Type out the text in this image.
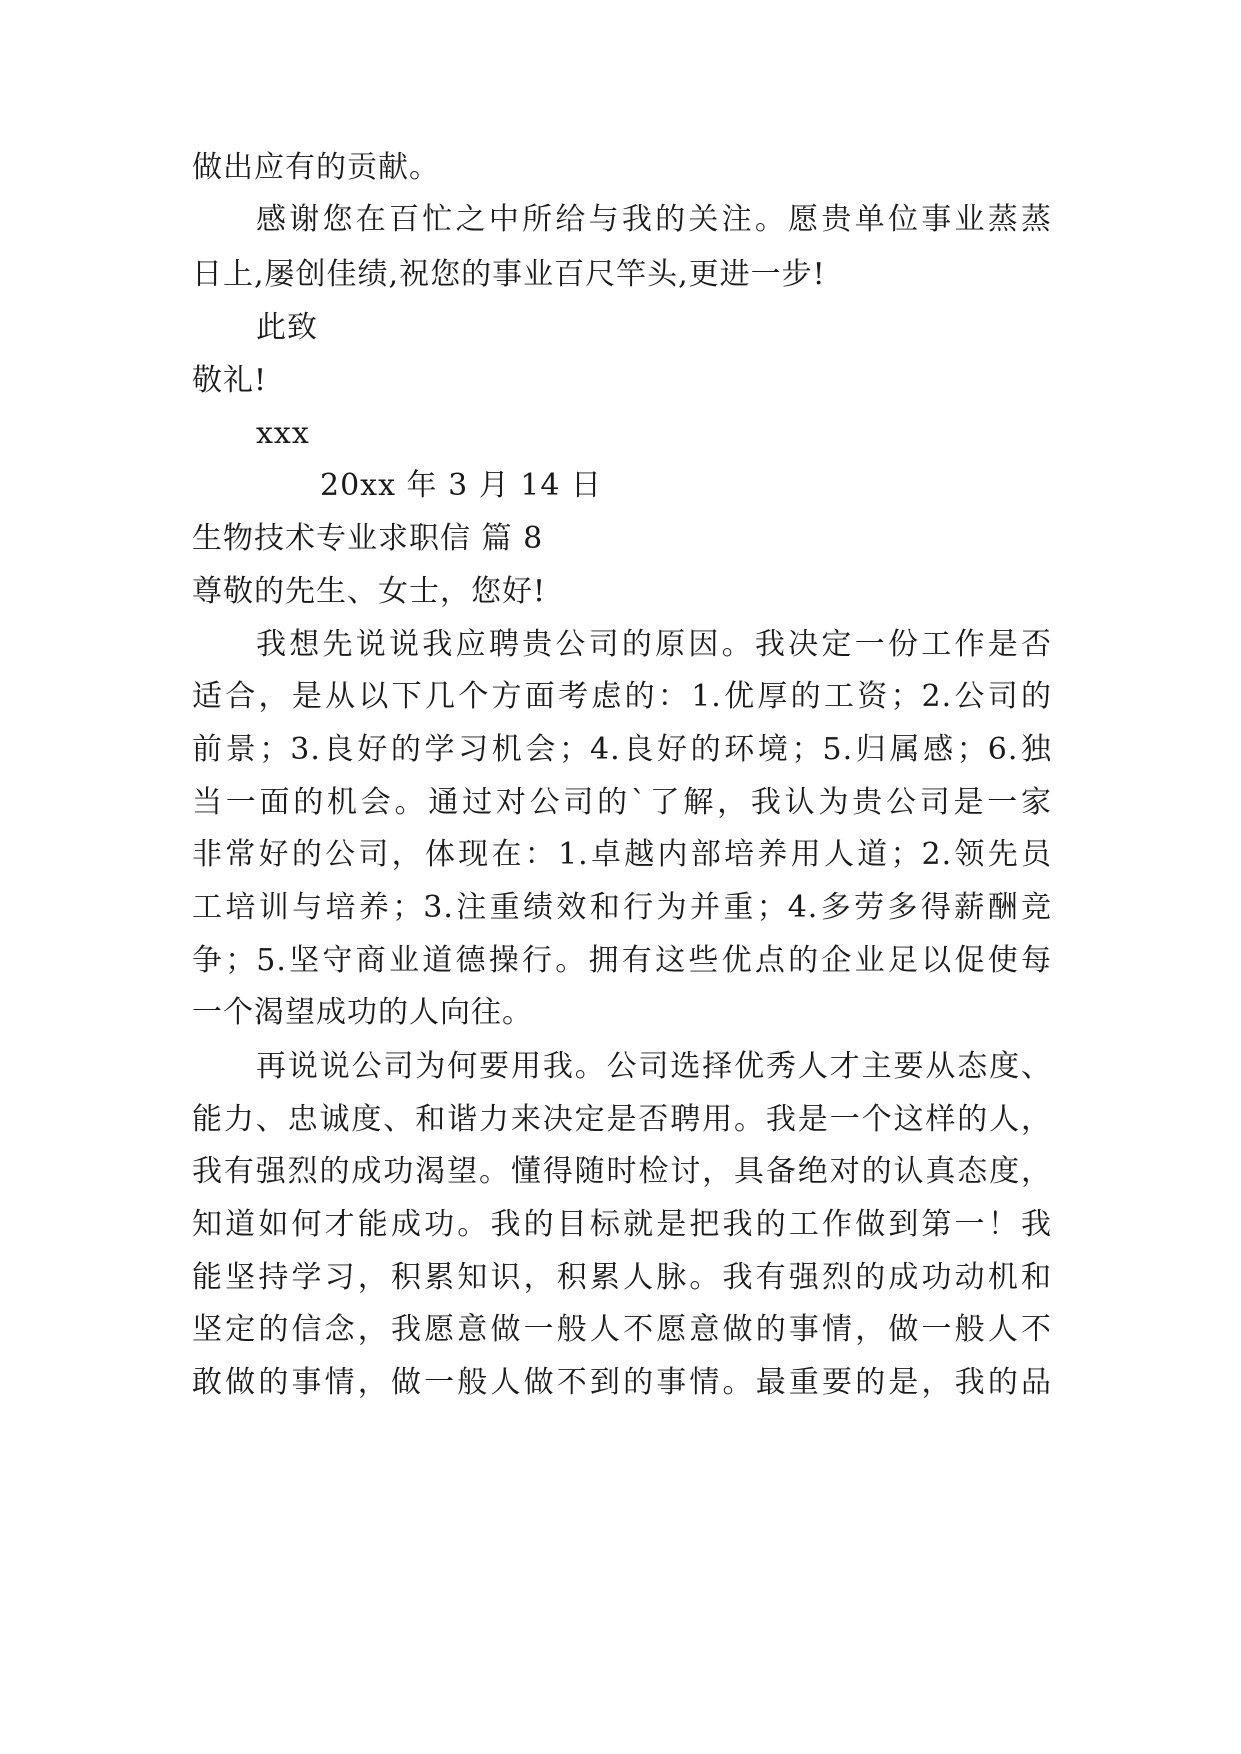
做出应有的贡献。
感谢您在百忙之中所给与我的关注。愿贵单位事业蒸蒸
日上,屡创佳绩,祝您的事业百尺竿头,更进一步!
此致
敬礼!
xxx
20xx 年 3 月 14 日
生物技术专业求职信 篇 8
尊敬的先生、女士，您好!
我想先说说我应聘贵公司的原因。我决定一份工作是否
适合，是从以下几个方面考虑的：1.优厚的工资；2.公司的
前景；3.良好的学习机会；4.良好的环境；5.归属感；6.独
当一面的机会。通过对公司的`了解，我认为贵公司是一家
非常好的公司，体现在：1.卓越内部培养用人道；2.领先员
工培训与培养；3.注重绩效和行为并重；4.多劳多得薪酬竞
争；5.坚守商业道德操行。拥有这些优点的企业足以促使每
一个渴望成功的人向往。
再说说公司为何要用我。公司选择优秀人才主要从态度、
能力、忠诚度、和谐力来决定是否聘用。我是一个这样的人，
我有强烈的成功渴望。懂得随时检讨，具备绝对的认真态度，
知道如何才能成功。我的目标就是把我的工作做到第一！我
能坚持学习，积累知识，积累人脉。我有强烈的成功动机和
坚定的信念，我愿意做一般人不愿意做的事情，做一般人不
敢做的事情，做一般人做不到的事情。最重要的是，我的品
